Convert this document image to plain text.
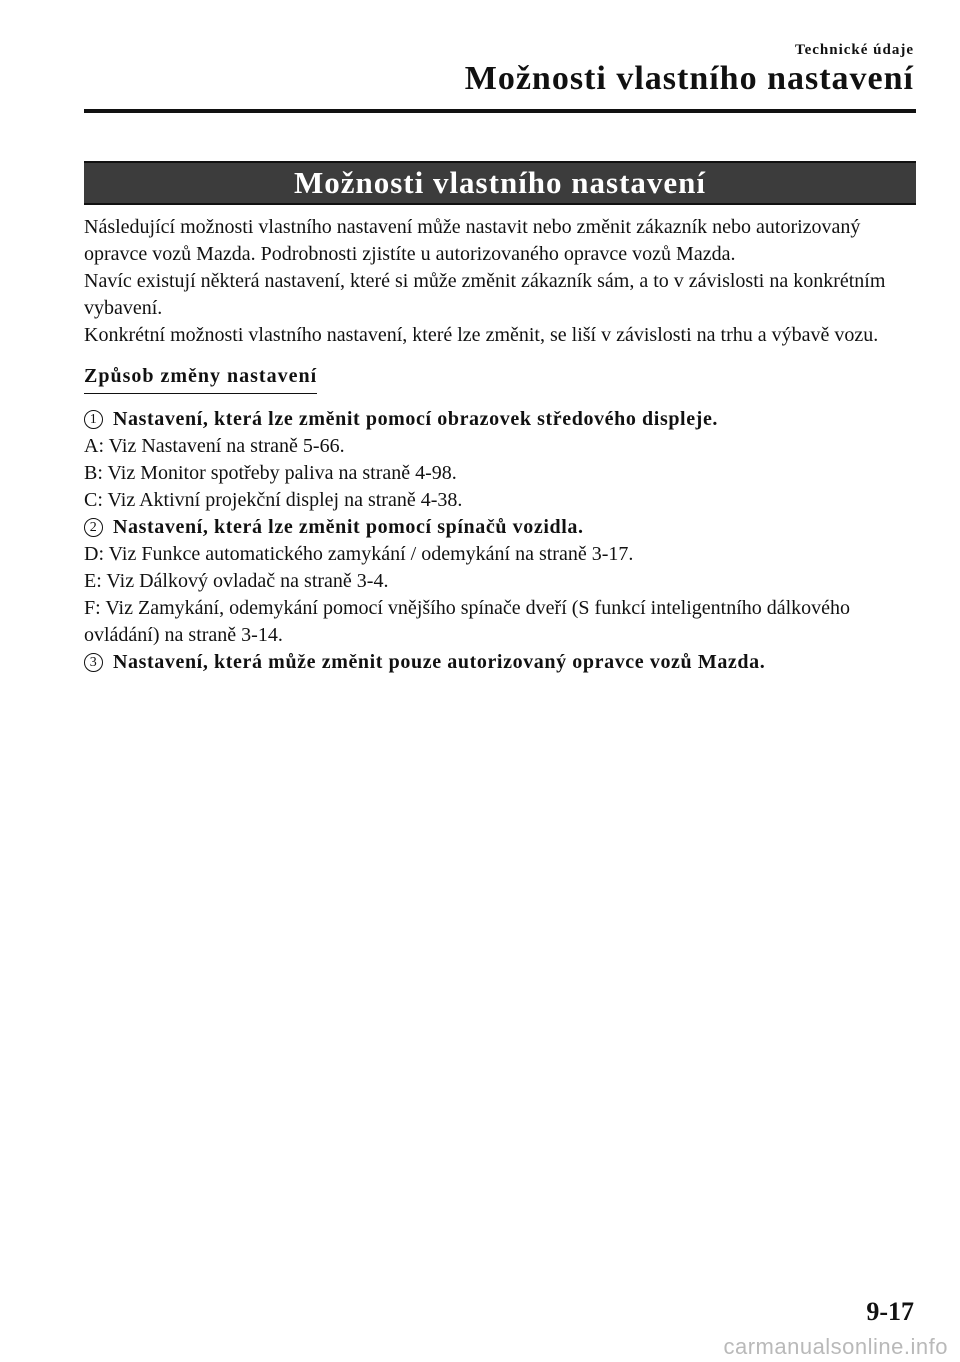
Technické údaje
Možnosti vlastního nastavení
Možnosti vlastního nastavení

Následující možnosti vlastního nastavení může nastavit nebo změnit zákazník nebo autorizovaný opravce vozů Mazda. Podrobnosti zjistíte u autorizovaného opravce vozů Mazda.

Navíc existují některá nastavení, které si může změnit zákazník sám, a to v závislosti na konkrétním vybavení.

Konkrétní možnosti vlastního nastavení, které lze změnit, se liší v závislosti na trhu a výbavě vozu.

Způsob změny nastavení
1 Nastavení, která lze změnit pomocí obrazovek středového displeje.

A: Viz Nastavení na straně 5-66.

B: Viz Monitor spotřeby paliva na straně 4-98.

C: Viz Aktivní projekční displej na straně 4-38.

2 Nastavení, která lze změnit pomocí spínačů vozidla.

D: Viz Funkce automatického zamykání / odemykání na straně 3-17.

E: Viz Dálkový ovladač na straně 3-4.

F: Viz Zamykání, odemykání pomocí vnějšího spínače dveří (S funkcí inteligentního dálkového ovládání) na straně 3-14.

3 Nastavení, která může změnit pouze autorizovaný opravce vozů Mazda.
9-17
carmanualsonline.info
